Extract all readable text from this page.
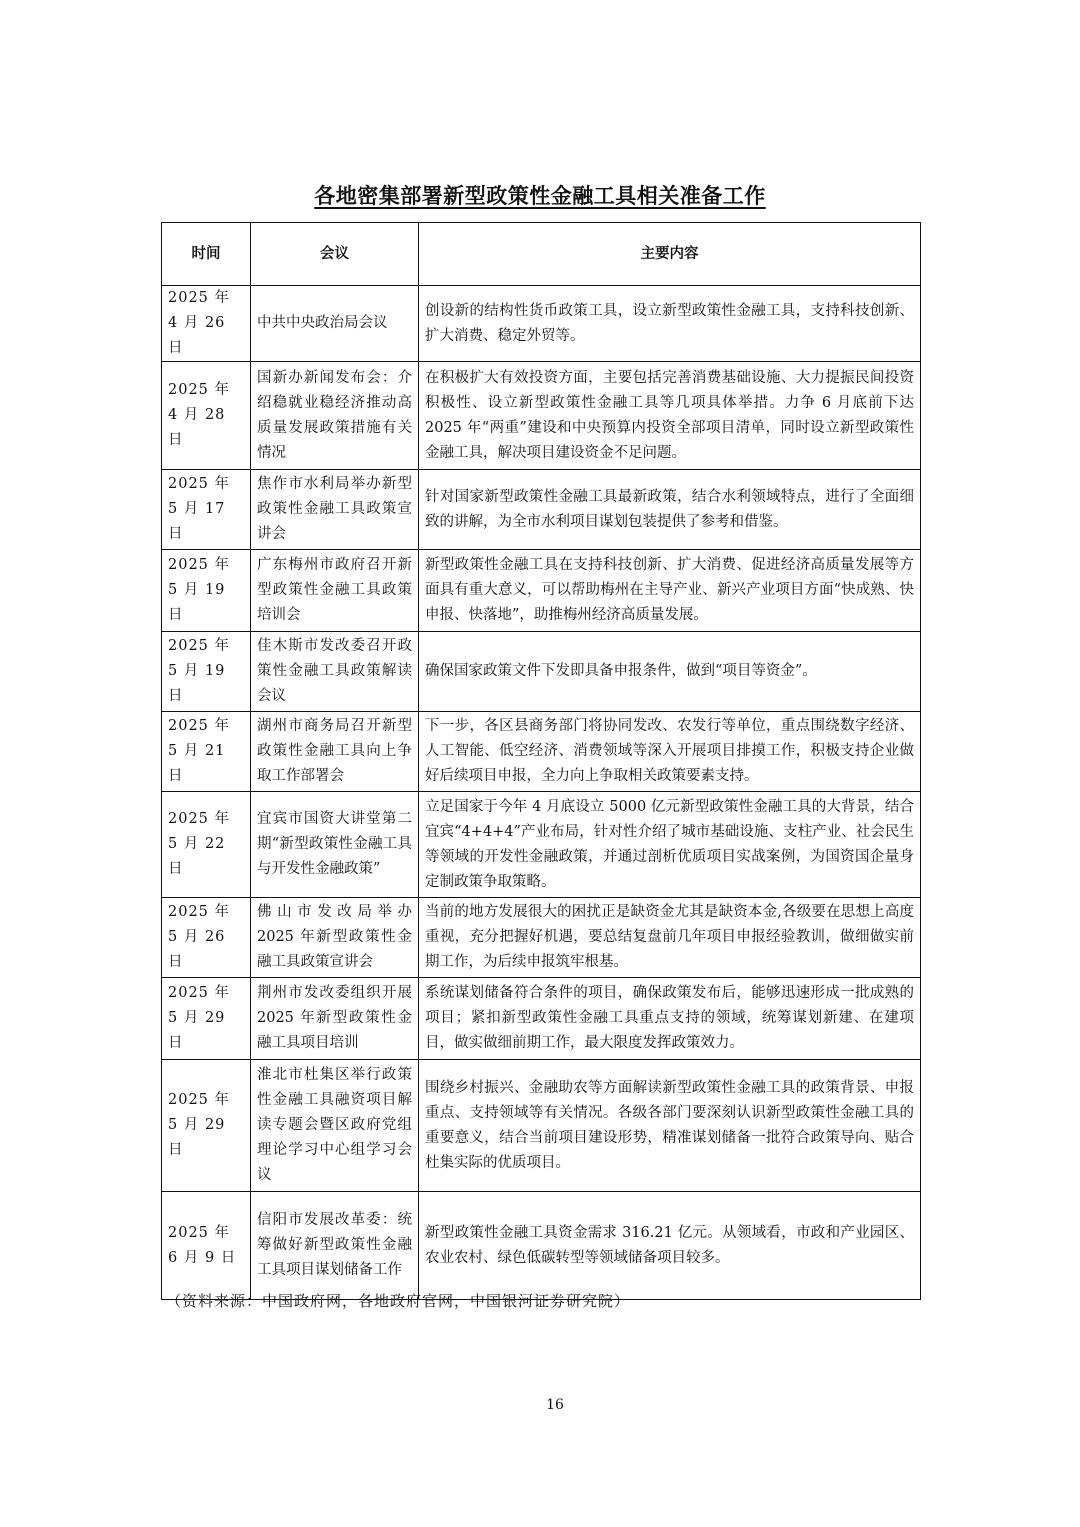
各地密集部署新型政策性金融工具相关准备工作
时间	会议	主要内容
2025 年 4 月 26 日	中共中央政治局会议	创设新的结构性货币政策工具，设立新型政策性金融工具，支持科技创新、扩大消费、稳定外贸等。
2025 年 4 月 28 日	国新办新闻发布会：介绍稳就业稳经济推动高质量发展政策措施有关情况	在积极扩大有效投资方面，主要包括完善消费基础设施、大力提振民间投资积极性、设立新型政策性金融工具等几项具体举措。力争 6 月底前下达 2025 年“两重”建设和中央预算内投资全部项目清单，同时设立新型政策性金融工具，解决项目建设资金不足问题。
2025 年 5 月 17 日	焦作市水利局举办新型政策性金融工具政策宣讲会	针对国家新型政策性金融工具最新政策，结合水利领域特点，进行了全面细致的讲解，为全市水利项目谋划包装提供了参考和借鉴。
2025 年 5 月 19 日	广东梅州市政府召开新型政策性金融工具政策培训会	新型政策性金融工具在支持科技创新、扩大消费、促进经济高质量发展等方面具有重大意义，可以帮助梅州在主导产业、新兴产业项目方面“快成熟、快申报、快落地”，助推梅州经济高质量发展。
2025 年 5 月 19 日	佳木斯市发改委召开政策性金融工具政策解读会议	确保国家政策文件下发即具备申报条件，做到“项目等资金”。
2025 年 5 月 21 日	湖州市商务局召开新型政策性金融工具向上争取工作部署会	下一步，各区县商务部门将协同发改、农发行等单位，重点围绕数字经济、人工智能、低空经济、消费领域等深入开展项目排摸工作，积极支持企业做好后续项目申报，全力向上争取相关政策要素支持。
2025 年 5 月 22 日	宜宾市国资大讲堂第二期“新型政策性金融工具与开发性金融政策”	立足国家于今年 4 月底设立 5000 亿元新型政策性金融工具的大背景，结合宜宾“4+4+4”产业布局，针对性介绍了城市基础设施、支柱产业、社会民生等领域的开发性金融政策，并通过剖析优质项目实战案例，为国资国企量身定制政策争取策略。
2025 年 5 月 26 日	佛山市发改局举办 2025 年新型政策性金融工具政策宣讲会	当前的地方发展很大的困扰正是缺资金尤其是缺资本金,各级要在思想上高度重视，充分把握好机遇，要总结复盘前几年项目申报经验教训，做细做实前期工作，为后续申报筑牢根基。
2025 年 5 月 29 日	荆州市发改委组织开展 2025 年新型政策性金融工具项目培训	系统谋划储备符合条件的项目，确保政策发布后，能够迅速形成一批成熟的项目；紧扣新型政策性金融工具重点支持的领域，统筹谋划新建、在建项目，做实做细前期工作，最大限度发挥政策效力。
2025 年 5 月 29 日	淮北市杜集区举行政策性金融工具融资项目解读专题会暨区政府党组理论学习中心组学习会议	围绕乡村振兴、金融助农等方面解读新型政策性金融工具的政策背景、申报重点、支持领域等有关情况。各级各部门要深刻认识新型政策性金融工具的重要意义，结合当前项目建设形势，精准谋划储备一批符合政策导向、贴合杜集实际的优质项目。
2025 年 6 月 9 日	信阳市发展改革委：统筹做好新型政策性金融工具项目谋划储备工作	新型政策性金融工具资金需求 316.21 亿元。从领域看，市政和产业园区、农业农村、绿色低碳转型等领域储备项目较多。
（资料来源：中国政府网，各地政府官网，中国银河证券研究院）
16
